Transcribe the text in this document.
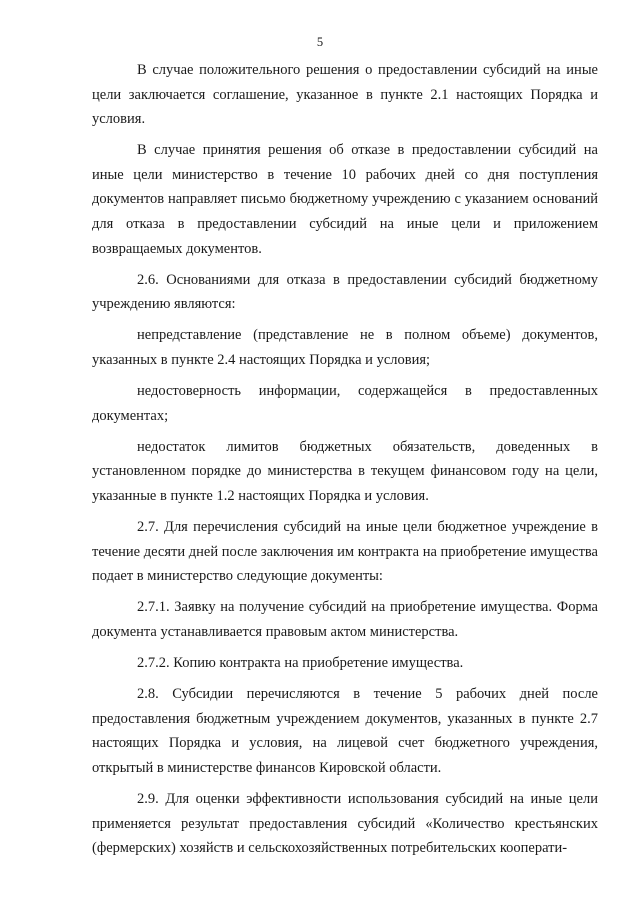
5

В случае положительного решения о предоставлении субсидий на иные цели заключается соглашение, указанное в пункте 2.1 настоящих Порядка и условия.

В случае принятия решения об отказе в предоставлении субсидий на иные цели министерство в течение 10 рабочих дней со дня поступления документов направляет письмо бюджетному учреждению с указанием оснований для отказа в предоставлении субсидий на иные цели и приложением возвращаемых документов.

2.6. Основаниями для отказа в предоставлении субсидий бюджетному учреждению являются:

непредставление (представление не в полном объеме) документов, указанных в пункте 2.4 настоящих Порядка и условия;

недостоверность информации, содержащейся в предоставленных документах;

недостаток лимитов бюджетных обязательств, доведенных в установленном порядке до министерства в текущем финансовом году на цели, указанные в пункте 1.2 настоящих Порядка и условия.

2.7. Для перечисления субсидий на иные цели бюджетное учреждение в течение десяти дней после заключения им контракта на приобретение имущества подает в министерство следующие документы:

2.7.1. Заявку на получение субсидий на приобретение имущества. Форма документа устанавливается правовым актом министерства.

2.7.2. Копию контракта на приобретение имущества.

2.8. Субсидии перечисляются в течение 5 рабочих дней после предоставления бюджетным учреждением документов, указанных в пункте 2.7 настоящих Порядка и условия, на лицевой счет бюджетного учреждения, открытый в министерстве финансов Кировской области.

2.9. Для оценки эффективности использования субсидий на иные цели применяется результат предоставления субсидий «Количество крестьянских (фермерских) хозяйств и сельскохозяйственных потребительских кооперати-
